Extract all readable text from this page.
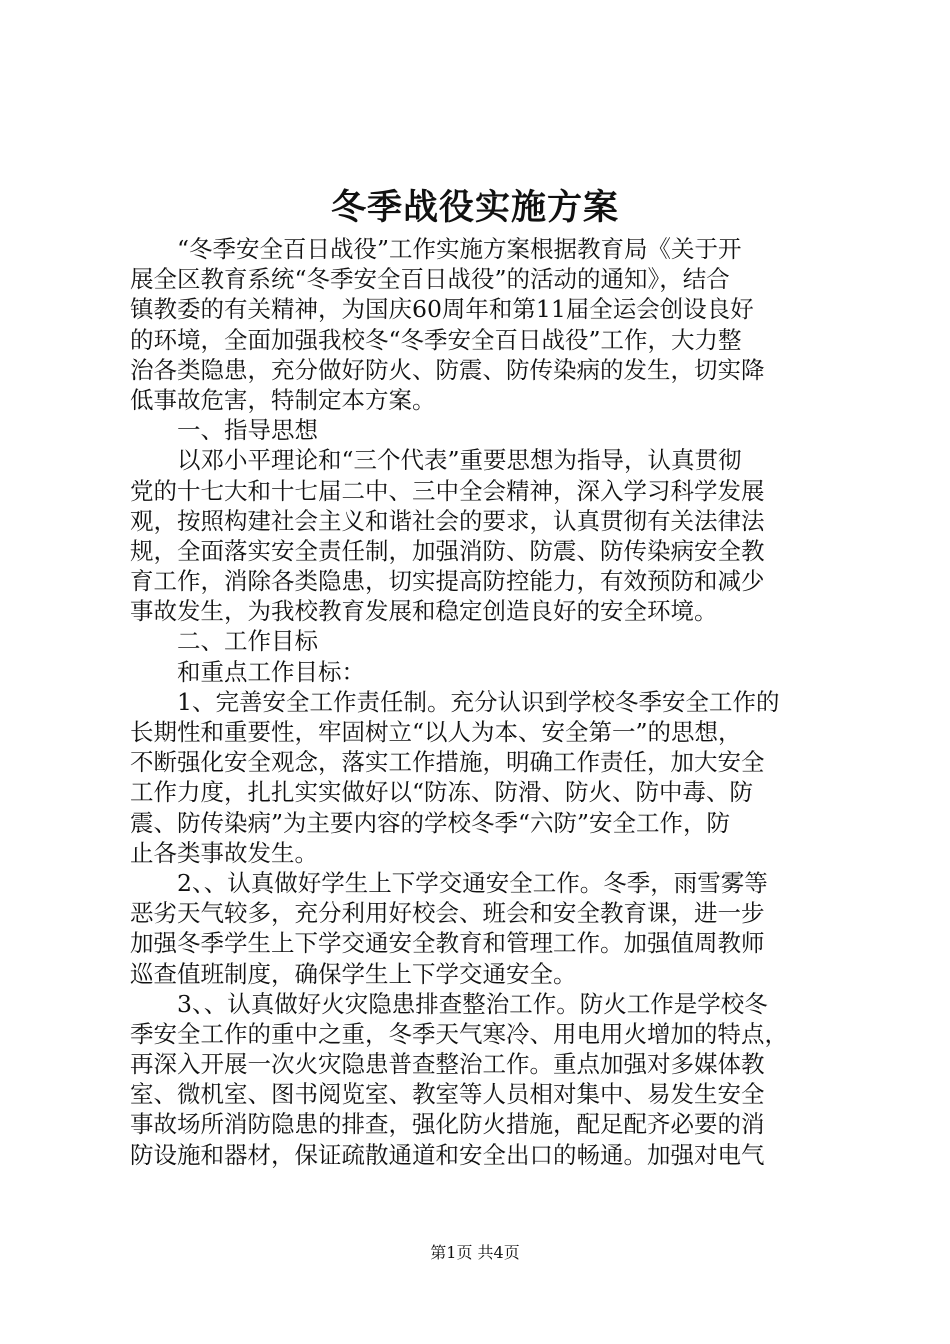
冬季战役实施方案
　　“冬季安全百日战役”工作实施方案根据教育局《关于开
展全区教育系统“冬季安全百日战役”的活动的通知》，结合
镇教委的有关精神，为国庆60周年和第11届全运会创设良好
的环境，全面加强我校冬“冬季安全百日战役”工作，大力整
治各类隐患，充分做好防火、防震、防传染病的发生，切实降
低事故危害，特制定本方案。
　　一、指导思想
　　以邓小平理论和“三个代表”重要思想为指导，认真贯彻
党的十七大和十七届二中、三中全会精神，深入学习科学发展
观，按照构建社会主义和谐社会的要求，认真贯彻有关法律法
规，全面落实安全责任制，加强消防、防震、防传染病安全教
育工作，消除各类隐患，切实提高防控能力，有效预防和减少
事故发生，为我校教育发展和稳定创造良好的安全环境。
　　二、工作目标
　　和重点工作目标：
　　1、完善安全工作责任制。充分认识到学校冬季安全工作的
长期性和重要性，牢固树立“以人为本、安全第一”的思想，
不断强化安全观念，落实工作措施，明确工作责任，加大安全
工作力度，扎扎实实做好以“防冻、防滑、防火、防中毒、防
震、防传染病”为主要内容的学校冬季“六防”安全工作，防
止各类事故发生。
　　2、、认真做好学生上下学交通安全工作。冬季，雨雪雾等
恶劣天气较多，充分利用好校会、班会和安全教育课，进一步
加强冬季学生上下学交通安全教育和管理工作。加强值周教师
巡查值班制度，确保学生上下学交通安全。
　　3、、认真做好火灾隐患排查整治工作。防火工作是学校冬
季安全工作的重中之重，冬季天气寒冷、用电用火增加的特点，
再深入开展一次火灾隐患普查整治工作。重点加强对多媒体教
室、微机室、图书阅览室、教室等人员相对集中、易发生安全
事故场所消防隐患的排查，强化防火措施，配足配齐必要的消
防设施和器材，保证疏散通道和安全出口的畅通。加强对电气
第1页 共4页
